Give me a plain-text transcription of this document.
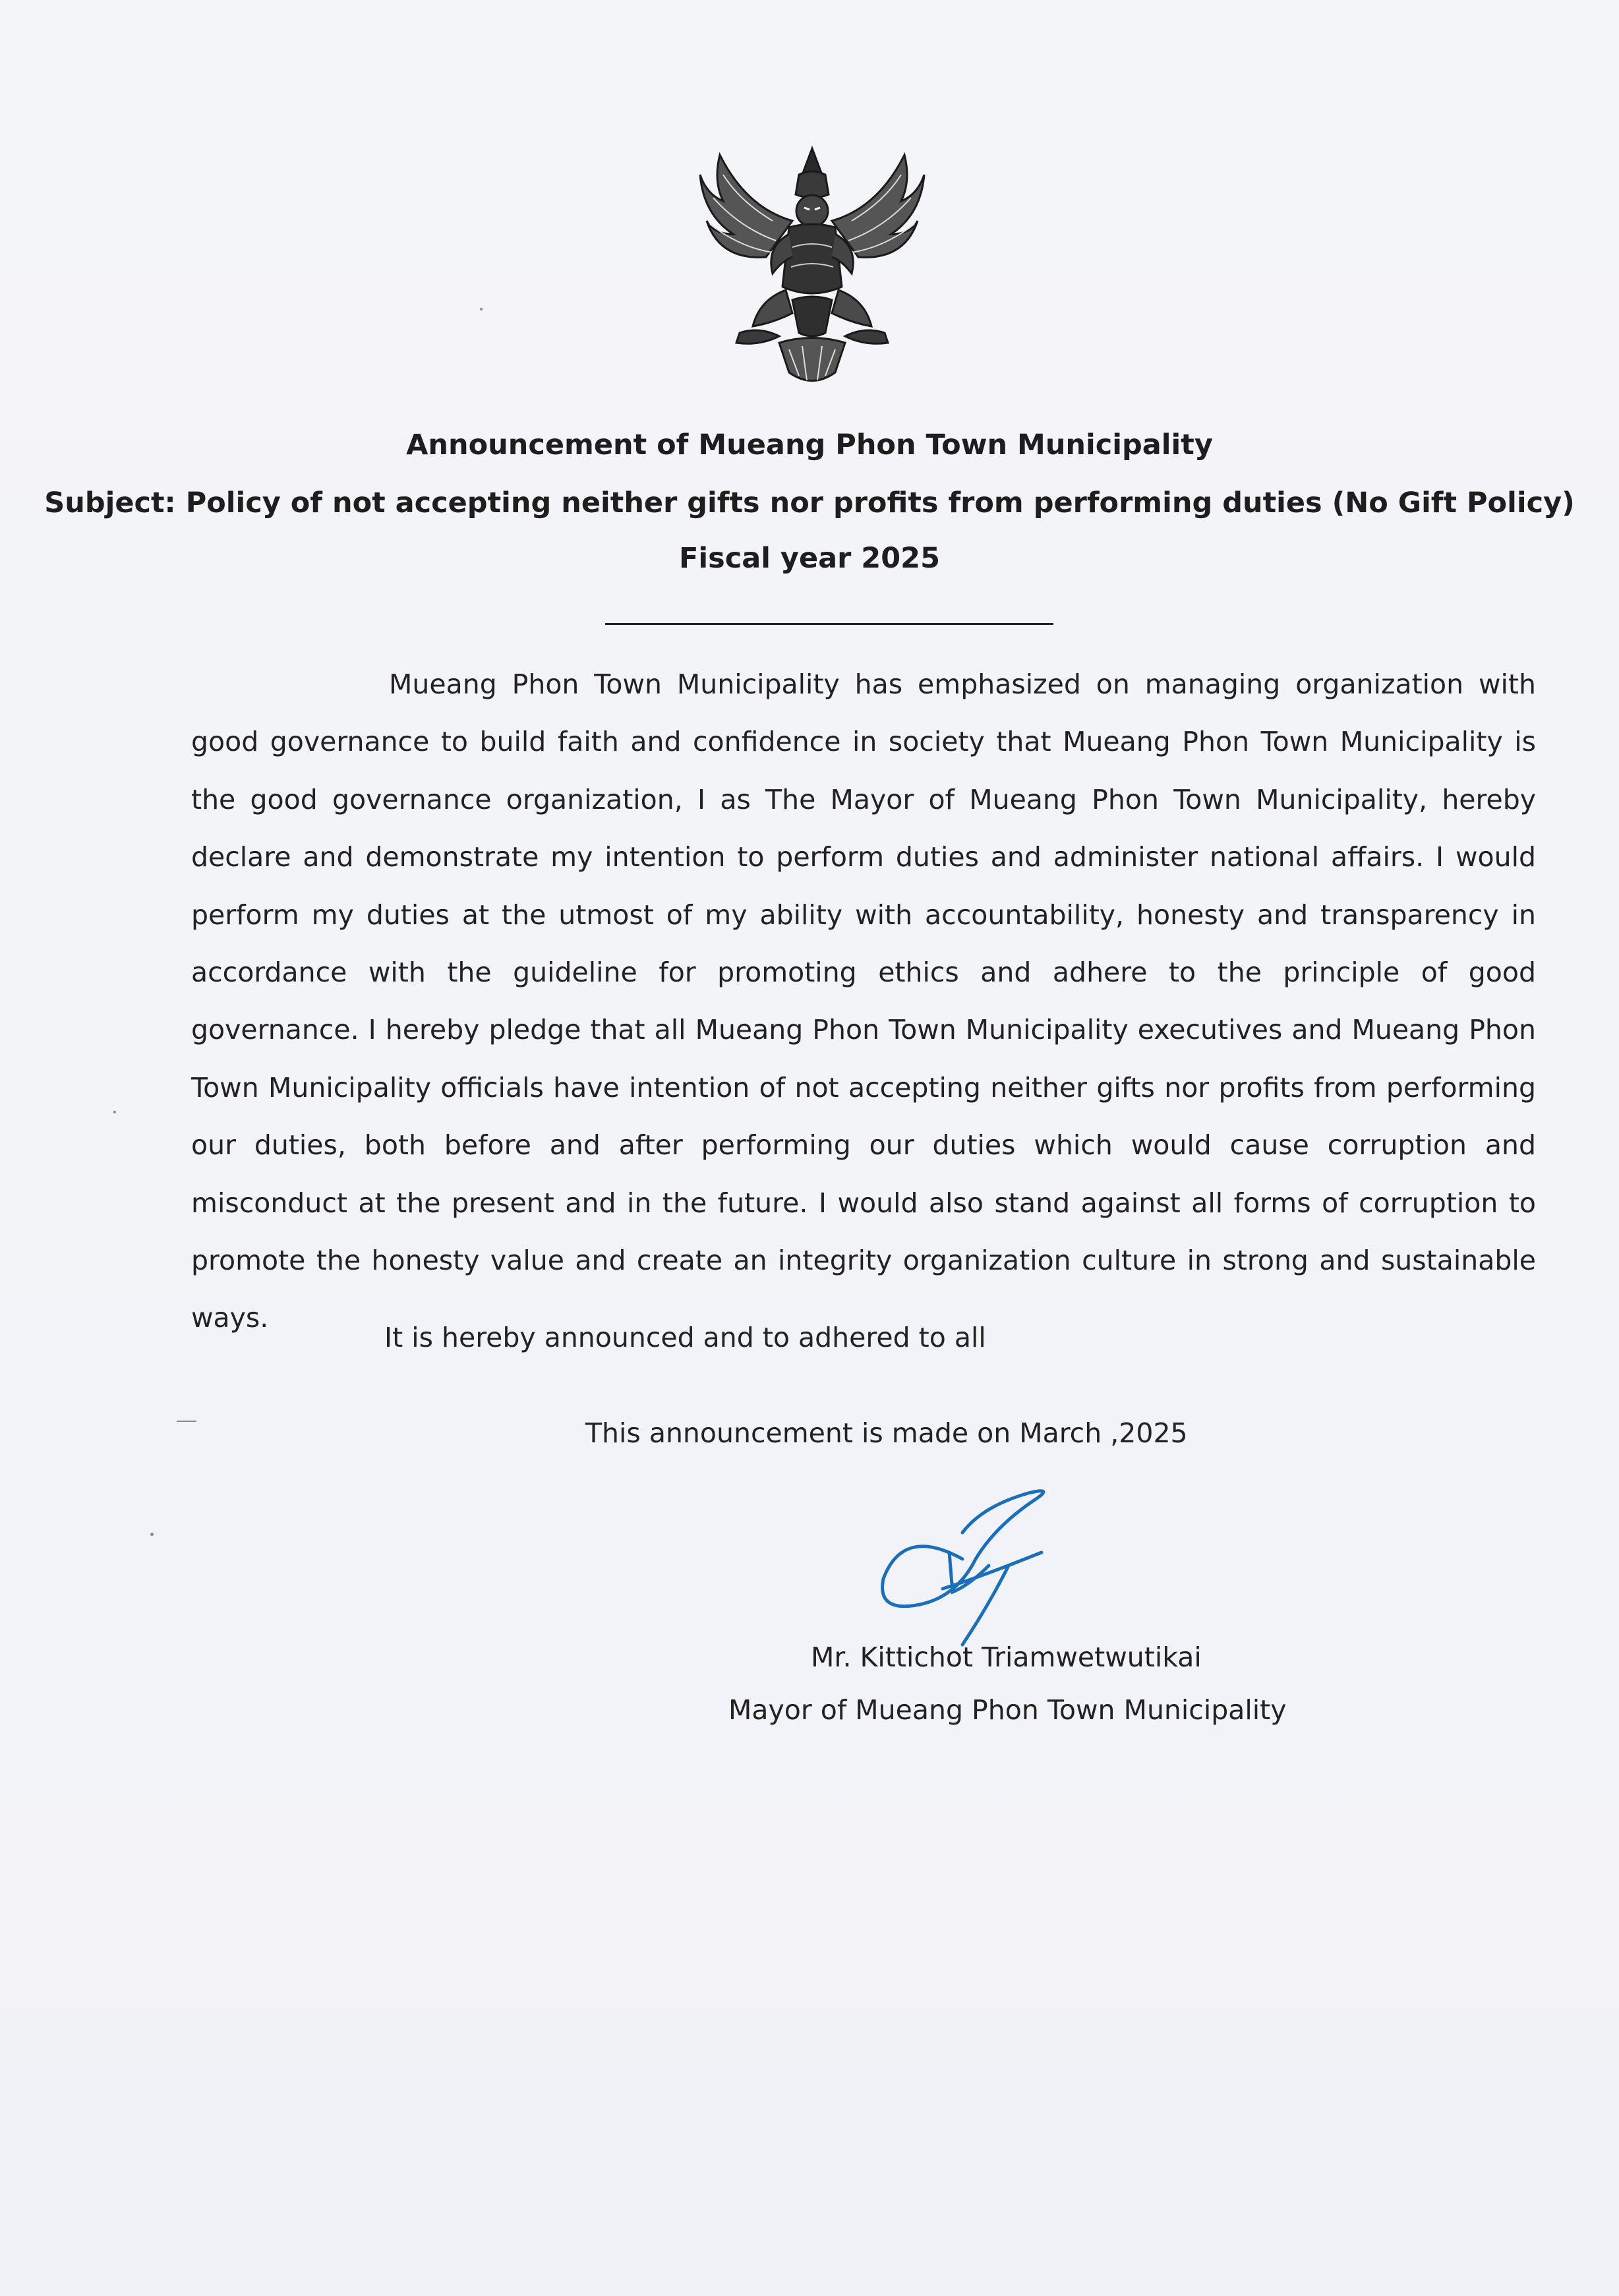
Announcement of Mueang Phon Town Municipality
Subject: Policy of not accepting neither gifts nor profits from performing duties (No Gift Policy)
Fiscal year 2025
Mueang Phon Town Municipality has emphasized on managing organization with good governance to build faith and confidence in society that Mueang Phon Town Municipality is the good governance organization, I as The Mayor of Mueang Phon Town Municipality, hereby declare and demonstrate my intention to perform duties and administer national affairs. I would perform my duties at the utmost of my ability with accountability, honesty and transparency in accordance with the guideline for promoting ethics and adhere to the principle of good governance. I hereby pledge that all Mueang Phon Town Municipality executives and Mueang Phon Town Municipality officials have intention of not accepting neither gifts nor profits from performing our duties, both before and after performing our duties which would cause corruption and misconduct at the present and in the future. I would also stand against all forms of corruption to promote the honesty value and create an integrity organization culture in strong and sustainable ways.
It is hereby announced and to adhered to all
This announcement is made on March ,2025
Mr. Kittichot Triamwetwutikai
Mayor of Mueang Phon Town Municipality
